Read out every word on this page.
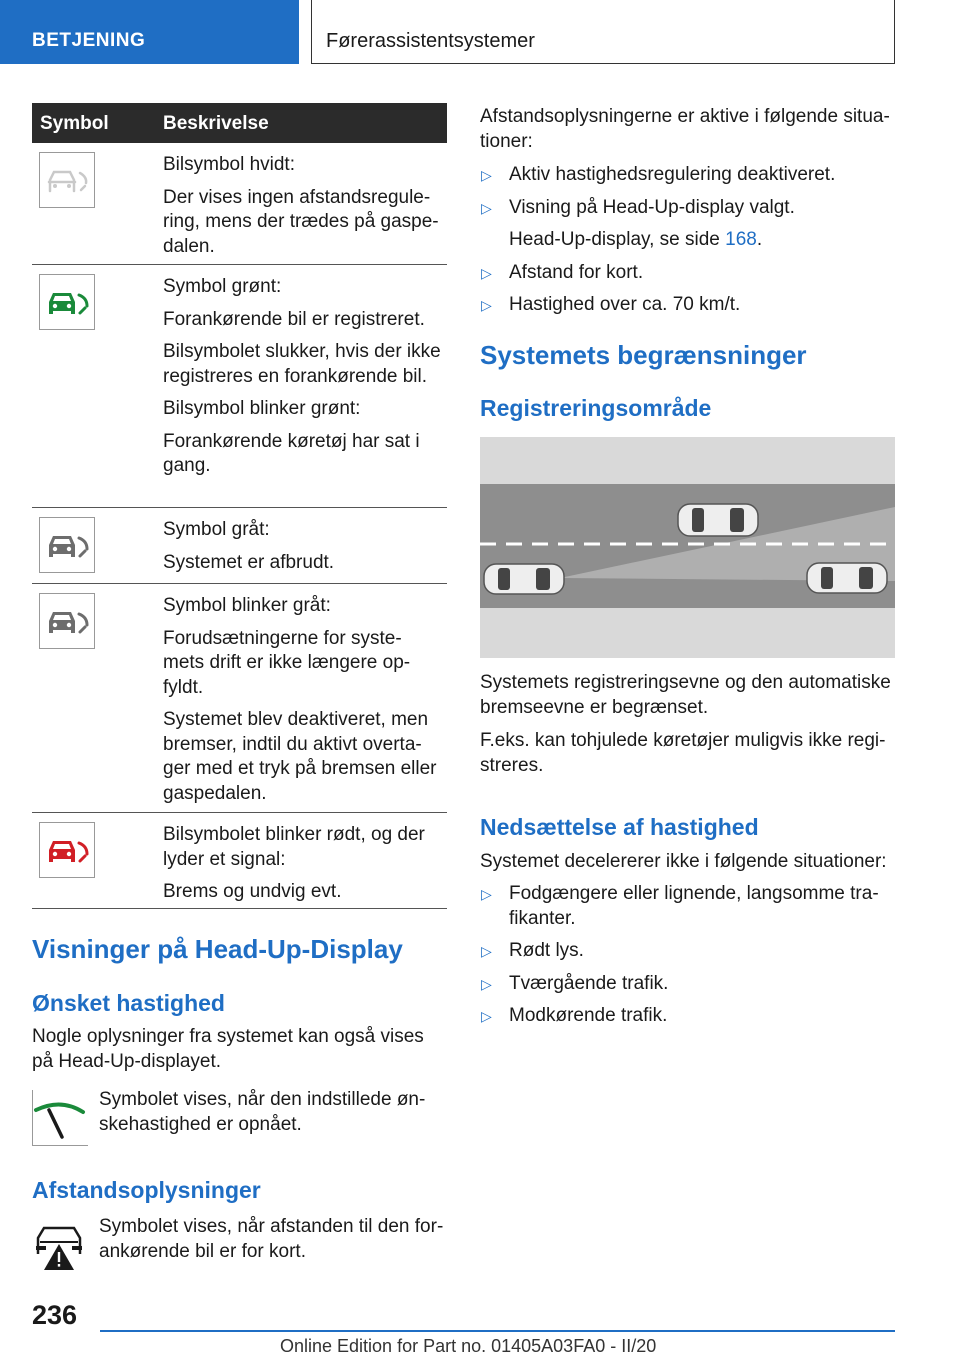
BETJENING	Førerassistentsystemer
Symbol	Beskrivelse

Bilsymbol hvidt:

Der vises ingen afstandsregule-ring, mens der trædes på gaspe-dalen.

Symbol grønt:

Forankørende bil er registreret.

Bilsymbolet slukker, hvis der ikke registreres en forankørende bil.

Bilsymbol blinker grønt:

Forankørende køretøj har sat i gang.

Symbol gråt:

Systemet er afbrudt.

Symbol blinker gråt:

Forudsætningerne for syste-mets drift er ikke længere op-fyldt.

Systemet blev deaktiveret, men bremser, indtil du aktivt overta-ger med et tryk på bremsen eller gaspedalen.

Bilsymbolet blinker rødt, og der lyder et signal:

Brems og undvig evt.

Visninger på Head-Up-Display
Ønsket hastighed

Nogle oplysninger fra systemet kan også vises på Head-Up-displayet.

Symbolet vises, når den indstillede øn-skehastighed er opnået.

Afstandsoplysninger

Symbolet vises, når afstanden til den for-ankørende bil er for kort.

Afstandsoplysningerne er aktive i følgende situa-tioner:

▷ Aktiv hastighedsregulering deaktiveret.
▷ Visning på Head-Up-display valgt.
Head-Up-display, se side 168.
▷ Afstand for kort.
▷ Hastighed over ca. 70 km/t.
Systemets begrænsninger
Registreringsområde

Systemets registreringsevne og den automatiske bremseevne er begrænset.

F.eks. kan tohjulede køretøjer muligvis ikke regi-streres.

Nedsættelse af hastighed

Systemet decelererer ikke i følgende situationer:

▷ Fodgængere eller lignende, langsomme tra-fikanter.
▷ Rødt lys.
▷ Tværgående trafik.
▷ Modkørende trafik.
236
Online Edition for Part no. 01405A03FA0 - II/20
